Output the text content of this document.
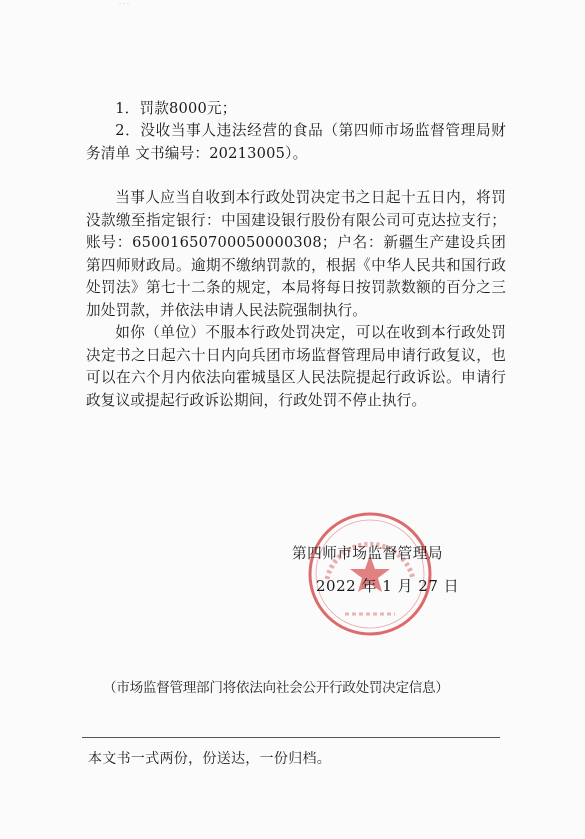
1．罚款8000元；

2．没收当事人违法经营的食品（第四师市场监督管理局财务清单 文书编号：20213005）。

当事人应当自收到本行政处罚决定书之日起十五日内，将罚没款缴至指定银行：中国建设银行股份有限公司可克达拉支行；账号：65001650700050000308；户名：新疆生产建设兵团第四师财政局。逾期不缴纳罚款的，根据《中华人民共和国行政处罚法》第七十二条的规定，本局将每日按罚款数额的百分之三加处罚款，并依法申请人民法院强制执行。

如你（单位）不服本行政处罚决定，可以在收到本行政处罚决定书之日起六十日内向兵团市场监督管理局申请行政复议，也可以在六个月内依法向霍城垦区人民法院提起行政诉讼。申请行政复议或提起行政诉讼期间，行政处罚不停止执行。

第四师市场监督管理局
2022 年 1 月 27 日
（市场监督管理部门将依法向社会公开行政处罚决定信息）
本文书一式两份，份送达，一份归档。
